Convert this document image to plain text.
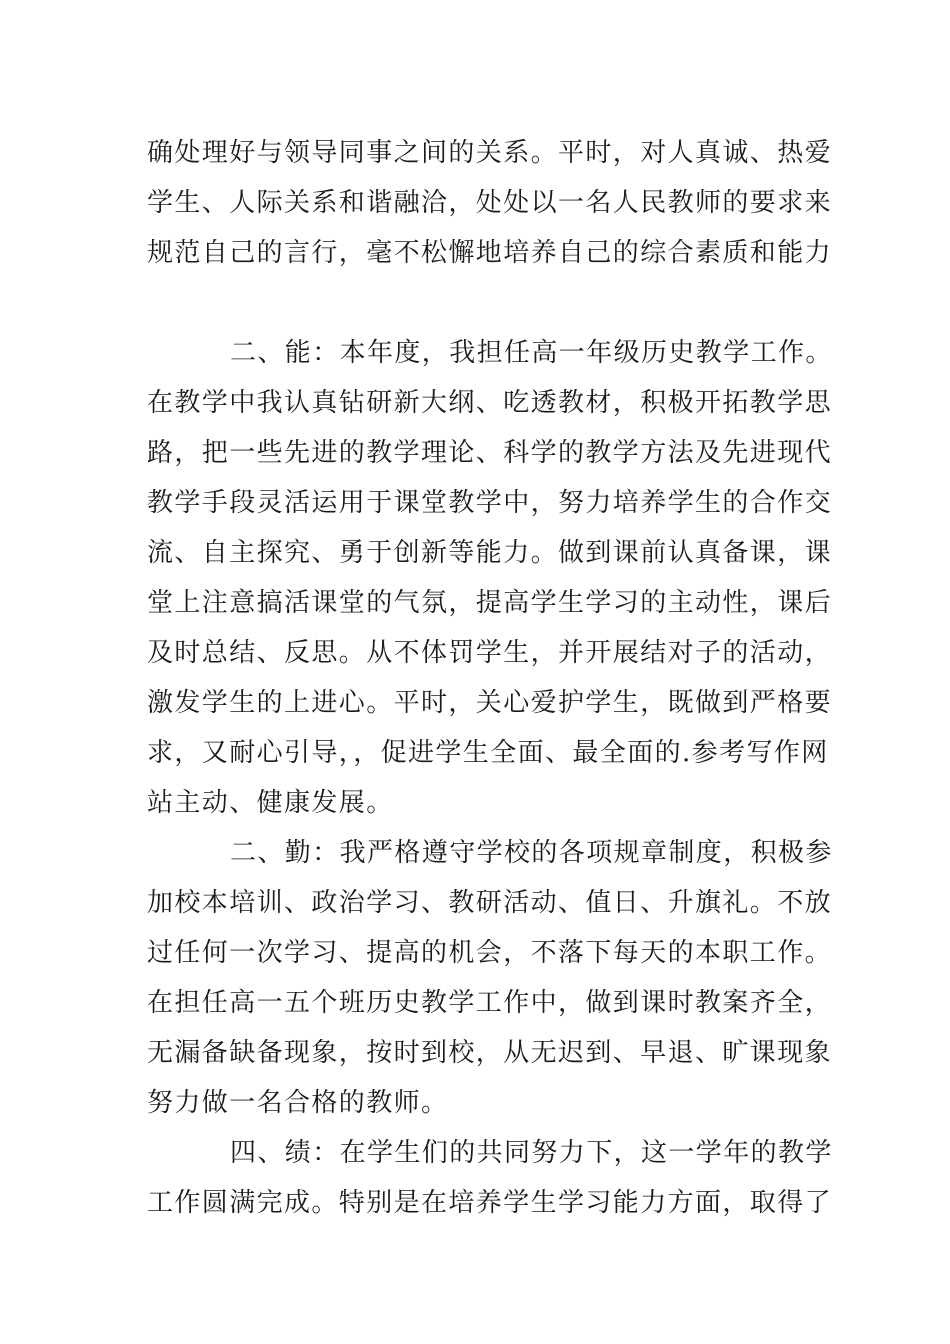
确处理好与领导同事之间的关系。平时，对人真诚、热爱
学生、人际关系和谐融洽，处处以一名人民教师的要求来
规范自己的言行，毫不松懈地培养自己的综合素质和能力
二、能：本年度，我担任高一年级历史教学工作。
在教学中我认真钻研新大纲、吃透教材，积极开拓教学思
路，把一些先进的教学理论、科学的教学方法及先进现代
教学手段灵活运用于课堂教学中，努力培养学生的合作交
流、自主探究、勇于创新等能力。做到课前认真备课，课
堂上注意搞活课堂的气氛，提高学生学习的主动性，课后
及时总结、反思。从不体罚学生，并开展结对子的活动，
激发学生的上进心。平时，关心爱护学生，既做到严格要
求，又耐心引导，，促进学生全面、最全面的.参考写作网
站主动、健康发展。
二、勤：我严格遵守学校的各项规章制度，积极参
加校本培训、政治学习、教研活动、值日、升旗礼。不放
过任何一次学习、提高的机会，不落下每天的本职工作。
在担任高一五个班历史教学工作中，做到课时教案齐全，
无漏备缺备现象，按时到校，从无迟到、早退、旷课现象
努力做一名合格的教师。
四、绩：在学生们的共同努力下，这一学年的教学
工作圆满完成。特别是在培养学生学习能力方面，取得了
